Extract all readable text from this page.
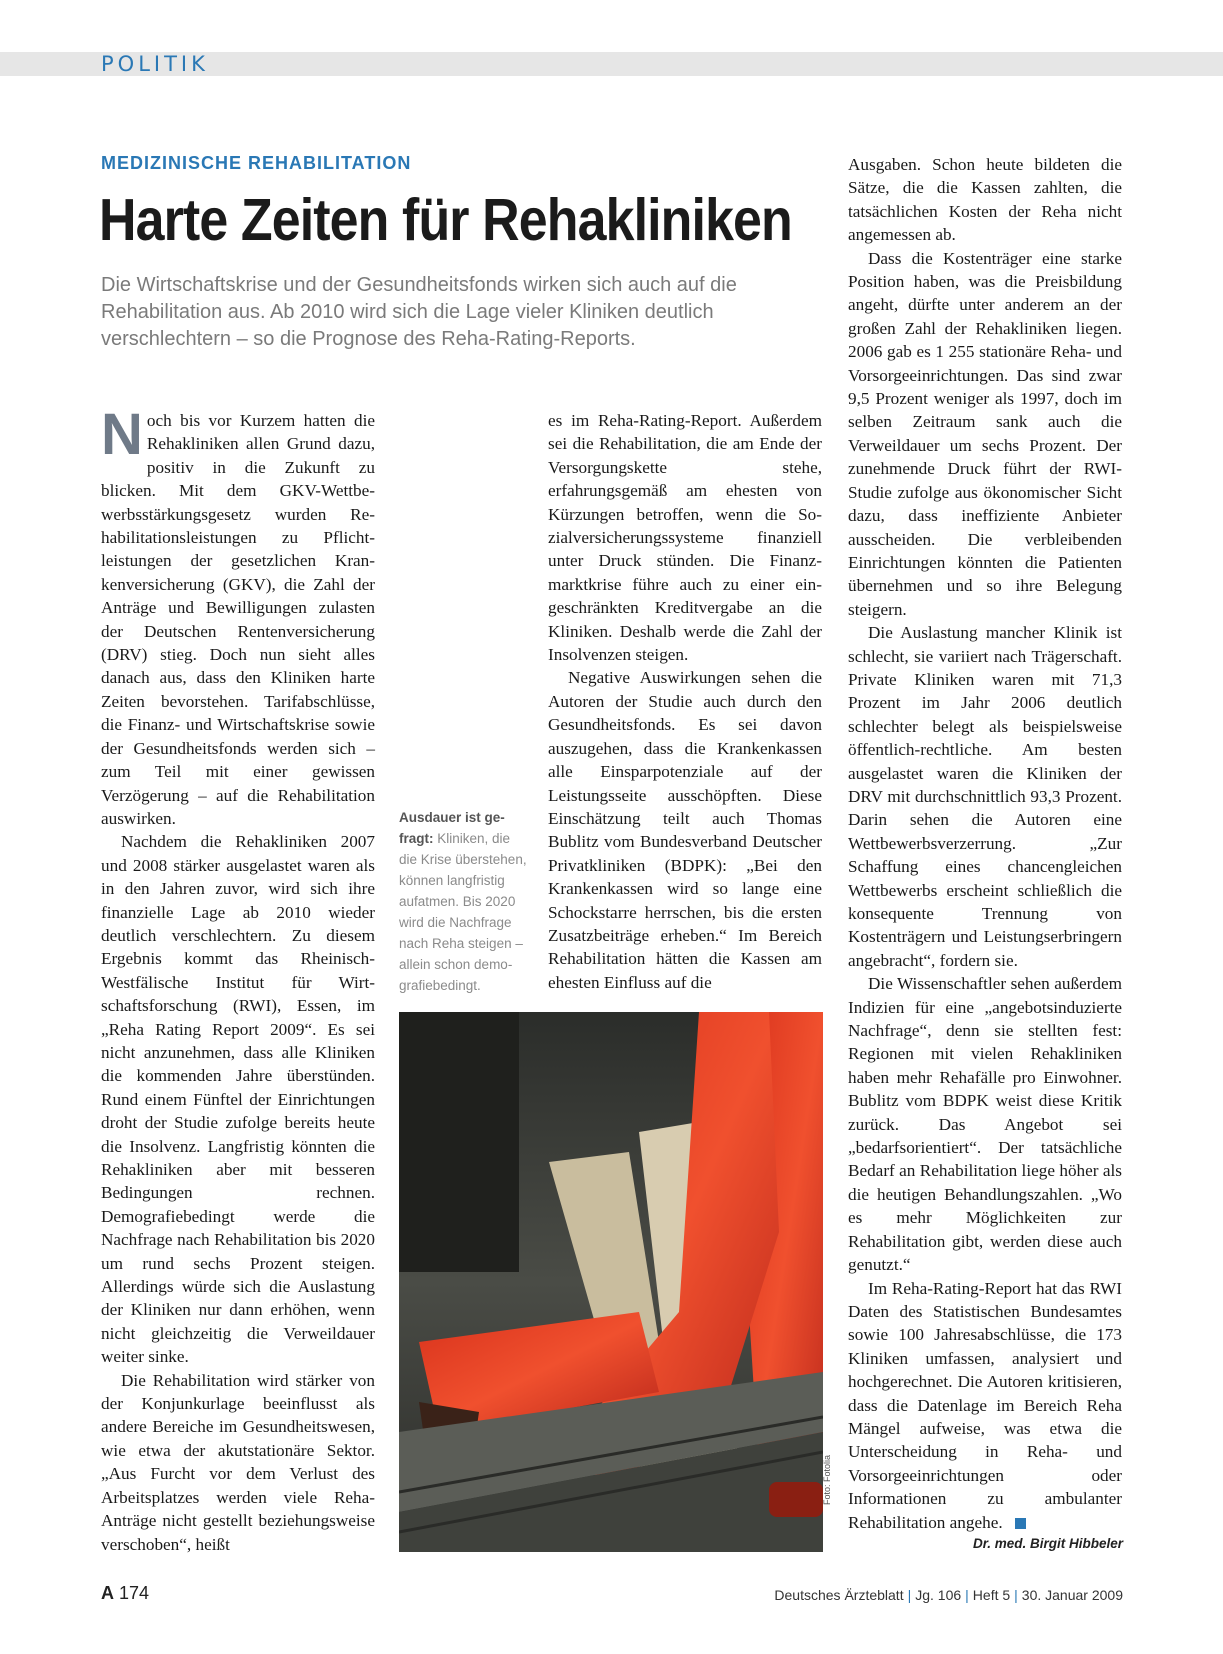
POLITIK
MEDIZINISCHE REHABILITATION
Harte Zeiten für Rehakliniken
Die Wirtschaftskrise und der Gesundheitsfonds wirken sich auch auf die Rehabilitation aus. Ab 2010 wird sich die Lage vieler Kliniken deutlich verschlechtern – so die Prognose des Reha-Rating-Reports.

Noch bis vor Kurzem hatten die Rehakliniken allen Grund dazu, positiv in die Zukunft zu blicken. Mit dem GKV-Wettbewerbsstärkungsgesetz wurden Rehabilitationsleistungen zu Pflichtleistungen der gesetzlichen Krankenversicherung (GKV), die Zahl der Anträge und Bewilligungen zulasten der Deutschen Rentenversicherung (DRV) stieg. Doch nun sieht alles danach aus, dass den Kliniken harte Zeiten bevorstehen. Tarifabschlüsse, die Finanz- und Wirtschaftskrise sowie der Gesundheitsfonds werden sich – zum Teil mit einer gewissen Verzögerung – auf die Rehabilitation auswirken.

Nachdem die Rehakliniken 2007 und 2008 stärker ausgelastet waren als in den Jahren zuvor, wird sich ihre finanzielle Lage ab 2010 wieder deutlich verschlechtern. Zu diesem Ergebnis kommt das Rheinisch-Westfälische Institut für Wirtschaftsforschung (RWI), Essen, im „Reha Rating Report 2009“. Es sei nicht anzunehmen, dass alle Kliniken die kommenden Jahre überstünden. Rund einem Fünftel der Einrichtungen droht der Studie zufolge bereits heute die Insolvenz. Langfristig könnten die Rehakliniken aber mit besseren Bedingungen rechnen. Demografiebedingt werde die Nachfrage nach Rehabilitation bis 2020 um rund sechs Prozent steigen. Allerdings würde sich die Auslastung der Kliniken nur dann erhöhen, wenn nicht gleichzeitig die Verweildauer weiter sinke.

Die Rehabilitation wird stärker von der Konjunkurlage beeinflusst als andere Bereiche im Gesundheitswesen, wie etwa der akutstationäre Sektor. „Aus Furcht vor dem Verlust des Arbeitsplatzes werden viele Reha-Anträge nicht gestellt beziehungsweise verschoben“, heißt

Ausdauer ist gefragt: Kliniken, die die Krise überstehen, können langfristig aufatmen. Bis 2020 wird die Nachfrage nach Reha steigen – allein schon demografiebedingt.

es im Reha-Rating-Report. Außerdem sei die Rehabilitation, die am Ende der Versorgungskette stehe, erfahrungsgemäß am ehesten von Kürzungen betroffen, wenn die Sozialversicherungssysteme finanziell unter Druck stünden. Die Finanzmarktkrise führe auch zu einer eingeschränkten Kreditvergabe an die Kliniken. Deshalb werde die Zahl der Insolvenzen steigen.

Negative Auswirkungen sehen die Autoren der Studie auch durch den Gesundheitsfonds. Es sei davon auszugehen, dass die Krankenkassen alle Einsparpotenziale auf der Leistungsseite ausschöpften. Diese Einschätzung teilt auch Thomas Bublitz vom Bundesverband Deutscher Privatkliniken (BDPK): „Bei den Krankenkassen wird so lange eine Schockstarre herrschen, bis die ersten Zusatzbeiträge erheben.“ Im Bereich Rehabilitation hätten die Kassen am ehesten Einfluss auf die

Foto: Fotolia

Ausgaben. Schon heute bildeten die Sätze, die die Kassen zahlten, die tatsächlichen Kosten der Reha nicht angemessen ab.

Dass die Kostenträger eine starke Position haben, was die Preisbildung angeht, dürfte unter anderem an der großen Zahl der Rehakliniken liegen. 2006 gab es 1 255 stationäre Reha- und Vorsorgeeinrichtungen. Das sind zwar 9,5 Prozent weniger als 1997, doch im selben Zeitraum sank auch die Verweildauer um sechs Prozent. Der zunehmende Druck führt der RWI-Studie zufolge aus ökonomischer Sicht dazu, dass ineffiziente Anbieter ausscheiden. Die verbleibenden Einrichtungen könnten die Patienten übernehmen und so ihre Belegung steigern.

Die Auslastung mancher Klinik ist schlecht, sie variiert nach Trägerschaft. Private Kliniken waren mit 71,3 Prozent im Jahr 2006 deutlich schlechter belegt als beispielsweise öffentlich-rechtliche. Am besten ausgelastet waren die Kliniken der DRV mit durchschnittlich 93,3 Prozent. Darin sehen die Autoren eine Wettbewerbsverzerrung. „Zur Schaffung eines chancengleichen Wettbewerbs erscheint schließlich die konsequente Trennung von Kostenträgern und Leistungserbringern angebracht“, fordern sie.

Die Wissenschaftler sehen außerdem Indizien für eine „angebotsinduzierte Nachfrage“, denn sie stellten fest: Regionen mit vielen Rehakliniken haben mehr Rehafälle pro Einwohner. Bublitz vom BDPK weist diese Kritik zurück. Das Angebot sei „bedarfsorientiert“. Der tatsächliche Bedarf an Rehabilitation liege höher als die heutigen Behandlungszahlen. „Wo es mehr Möglichkeiten zur Rehabilitation gibt, werden diese auch genutzt.“

Im Reha-Rating-Report hat das RWI Daten des Statistischen Bundesamtes sowie 100 Jahresabschlüsse, die 173 Kliniken umfassen, analysiert und hochgerechnet. Die Autoren kritisieren, dass die Datenlage im Bereich Reha Mängel aufweise, was etwa die Unterscheidung in Reha- und Vorsorgeeinrichtungen oder Informationen zu ambulanter Rehabilitation angehe.

Dr. med. Birgit Hibbeler
A 174	Deutsches Ärzteblatt | Jg. 106 | Heft 5 | 30. Januar 2009
